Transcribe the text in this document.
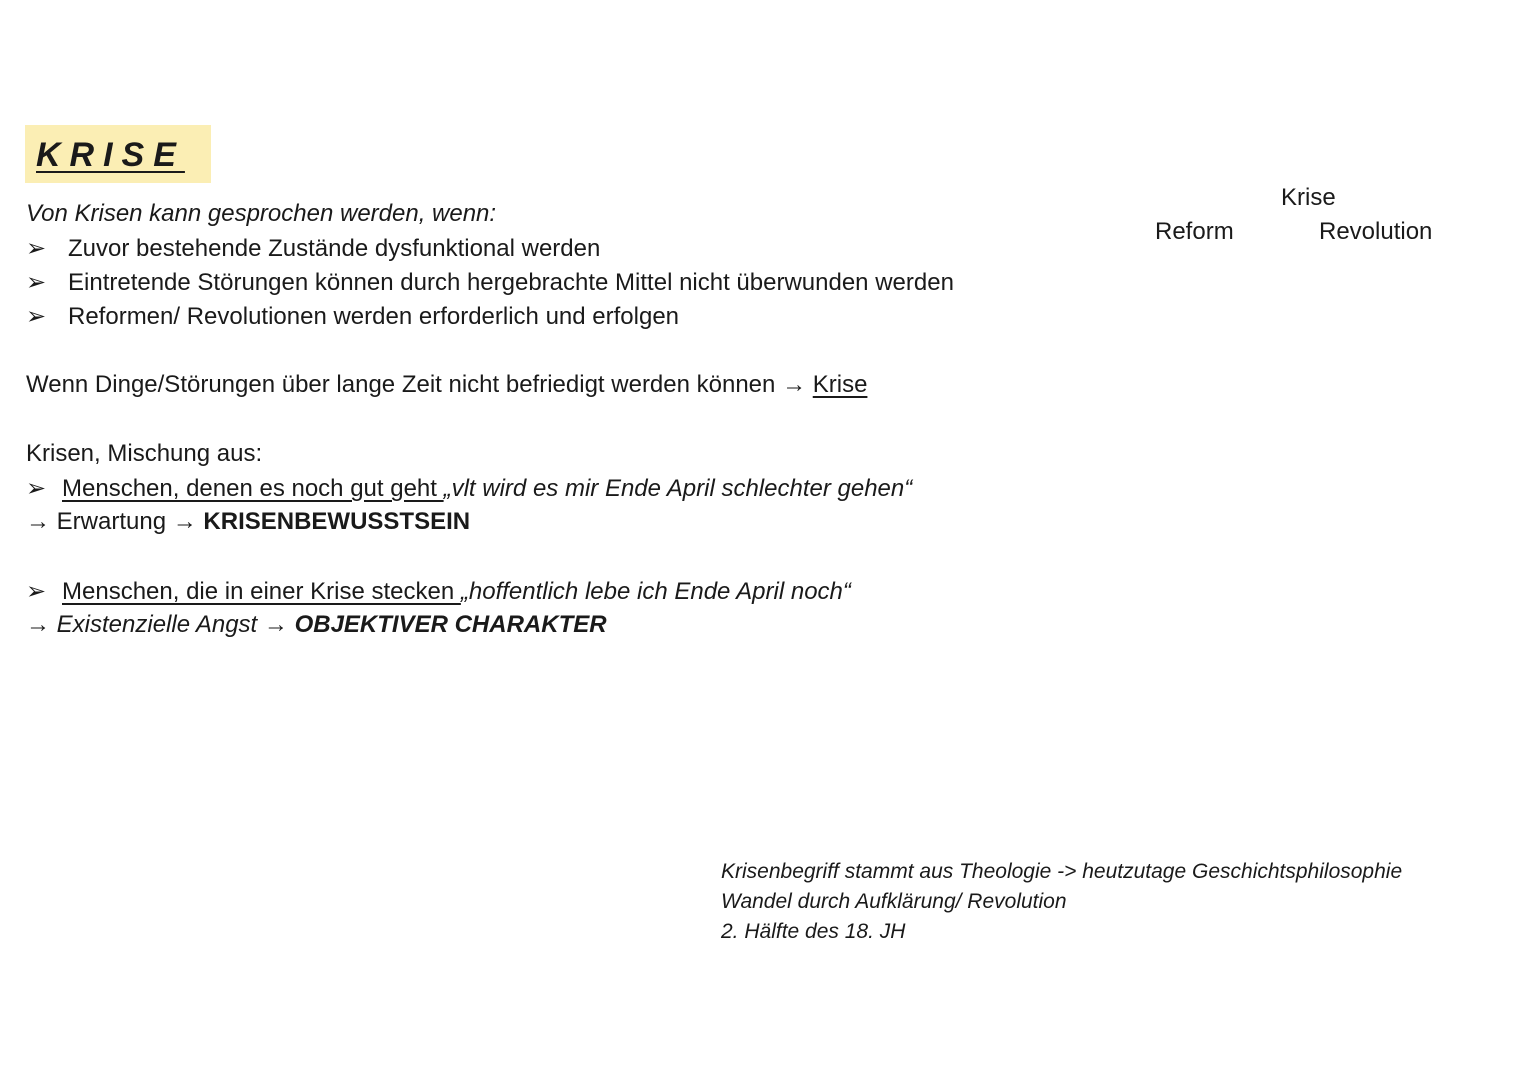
KRISE
Von Krisen kann gesprochen werden, wenn:
➢ Zuvor bestehende Zustände dysfunktional werden
➢ Eintretende Störungen können durch hergebrachte Mittel nicht überwunden werden
➢ Reformen/ Revolutionen werden erforderlich und erfolgen
Wenn Dinge/Störungen über lange Zeit nicht befriedigt werden können → Krise
Krisen, Mischung aus:
➢ Menschen, denen es noch gut geht „vlt wird es mir Ende April schlechter gehen“
→ Erwartung → KRISENBEWUSSTSEIN
➢ Menschen, die in einer Krise stecken „hoffentlich lebe ich Ende April noch“
→ Existenzielle Angst → OBJEKTIVER CHARAKTER
Krise
Reform	Revolution
Krisenbegriff stammt aus Theologie -> heutzutage Geschichtsphilosophie
Wandel durch Aufklärung/ Revolution
2. Hälfte des 18. JH
